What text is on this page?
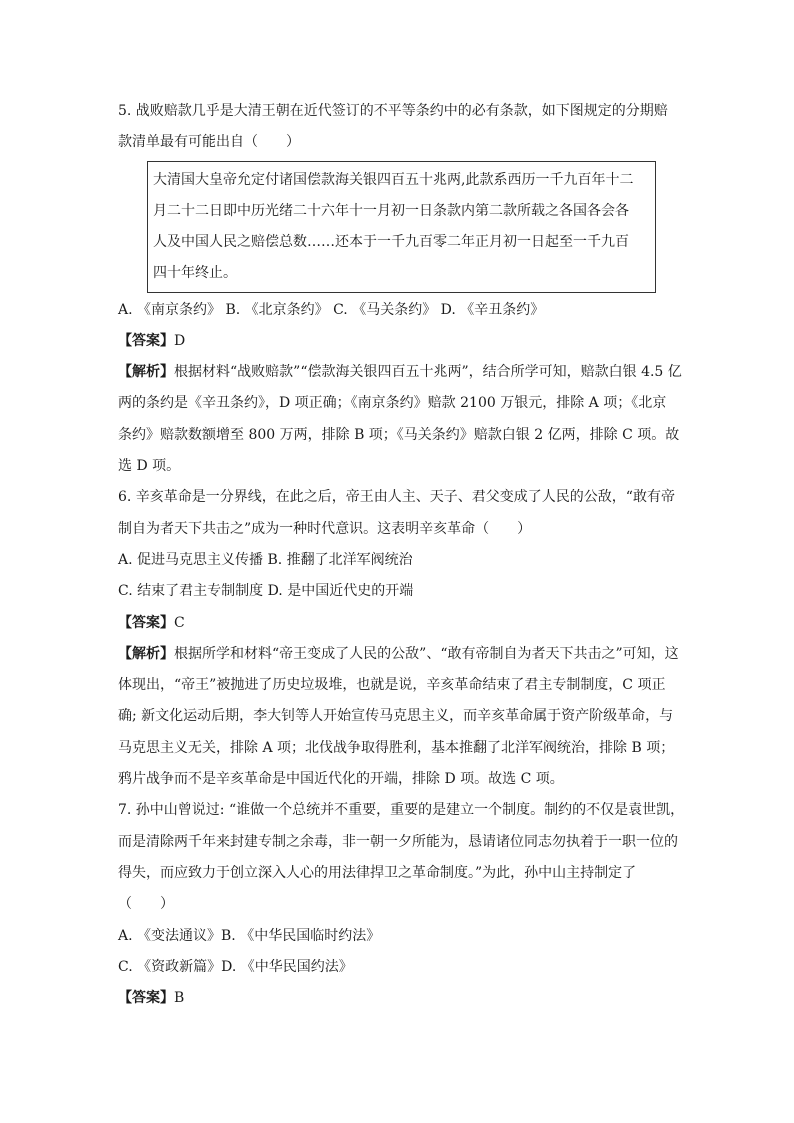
5. 战败赔款几乎是大清王朝在近代签订的不平等条约中的必有条款，如下图规定的分期赔
款清单最有可能出自（　　）
大清国大皇帝允定付诸国偿款海关银四百五十兆两,此款系西历一千九百年十二
月二十二日即中历光绪二十六年十一月初一日条款内第二款所载之各国各会各
人及中国人民之赔偿总数……还本于一千九百零二年正月初一日起至一千九百
四十年终止。
A. 《南京条约》 B. 《北京条约》 C. 《马关条约》 D. 《辛丑条约》
【答案】D
【解析】根据材料“战败赔款”“偿款海关银四百五十兆两”，结合所学可知，赔款白银 4.5 亿
两的条约是《辛丑条约》，D 项正确；《南京条约》赔款 2100 万银元，排除 A 项；《北京
条约》赔款数额增至 800 万两，排除 B 项；《马关条约》赔款白银 2 亿两，排除 C 项。故
选 D 项。
6. 辛亥革命是一分界线，在此之后，帝王由人主、天子、君父变成了人民的公敌，“敢有帝
制自为者天下共击之”成为一种时代意识。这表明辛亥革命（　　）
A. 促进马克思主义传播 B. 推翻了北洋军阀统治
C. 结束了君主专制制度 D. 是中国近代史的开端
【答案】C
【解析】根据所学和材料“帝王变成了人民的公敌”、“敢有帝制自为者天下共击之”可知，这
体现出，“帝王”被抛进了历史垃圾堆，也就是说，辛亥革命结束了君主专制制度，C 项正
确; 新文化运动后期，李大钊等人开始宣传马克思主义，而辛亥革命属于资产阶级革命，与
马克思主义无关，排除 A 项；北伐战争取得胜利，基本推翻了北洋军阀统治，排除 B 项；
鸦片战争而不是辛亥革命是中国近代化的开端，排除 D 项。故选 C 项。
7. 孙中山曾说过: “谁做一个总统并不重要，重要的是建立一个制度。制约的不仅是袁世凯，
而是清除两千年来封建专制之余毒，非一朝一夕所能为，恳请诸位同志勿执着于一职一位的
得失，而应致力于创立深入人心的用法律捍卫之革命制度。”为此，孙中山主持制定了
（　　）
A. 《变法通议》B. 《中华民国临时约法》
C. 《资政新篇》D. 《中华民国约法》
【答案】B
